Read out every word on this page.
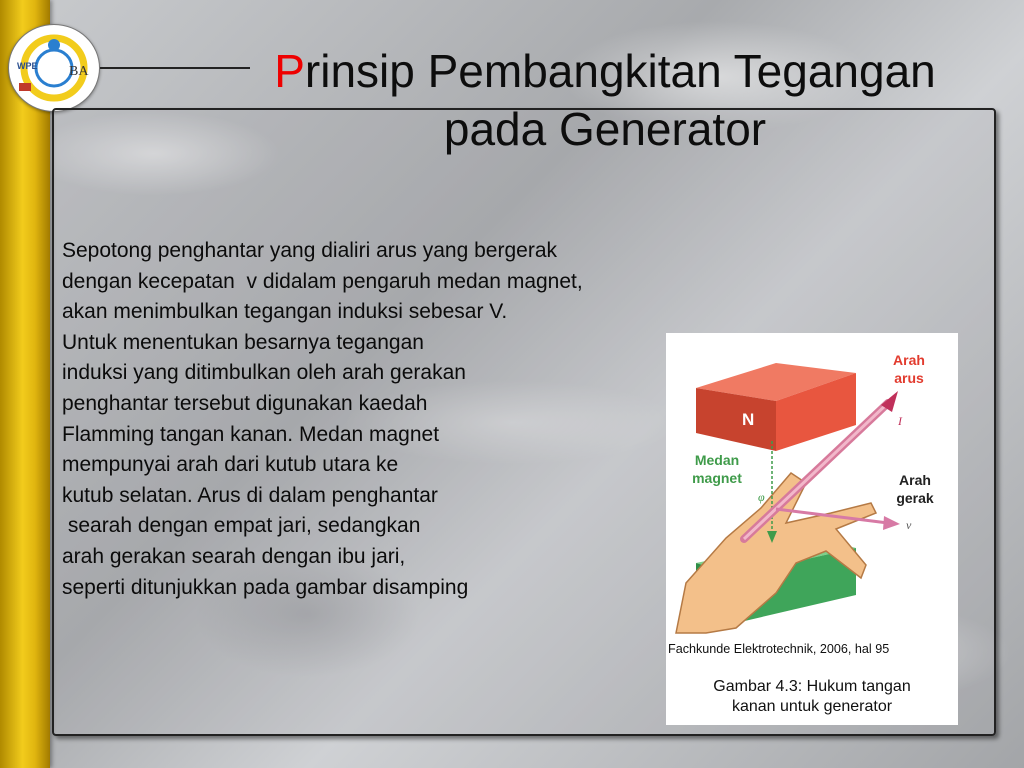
WPE BA	Prinsip Pembangkitan Tegangan
pada Generator
Sepotong penghantar yang dialiri arus yang bergerak
dengan kecepatan  v didalam pengaruh medan magnet,
akan menimbulkan tegangan induksi sebesar V.
Untuk menentukan besarnya tegangan
induksi yang ditimbulkan oleh arah gerakan
penghantar tersebut digunakan kaedah
Flamming tangan kanan. Medan magnet
mempunyai arah dari kutub utara ke
kutub selatan. Arus di dalam penghantar
searah dengan empat jari, sedangkan
arah gerakan searah dengan ibu jari,
seperti ditunjukkan pada gambar disamping
N
φ
I
v
Arah
arus
Medan
magnet	Arah
gerak
Fachkunde Elektrotechnik, 2006, hal 95
Gambar 4.3: Hukum tangan
kanan untuk generator
